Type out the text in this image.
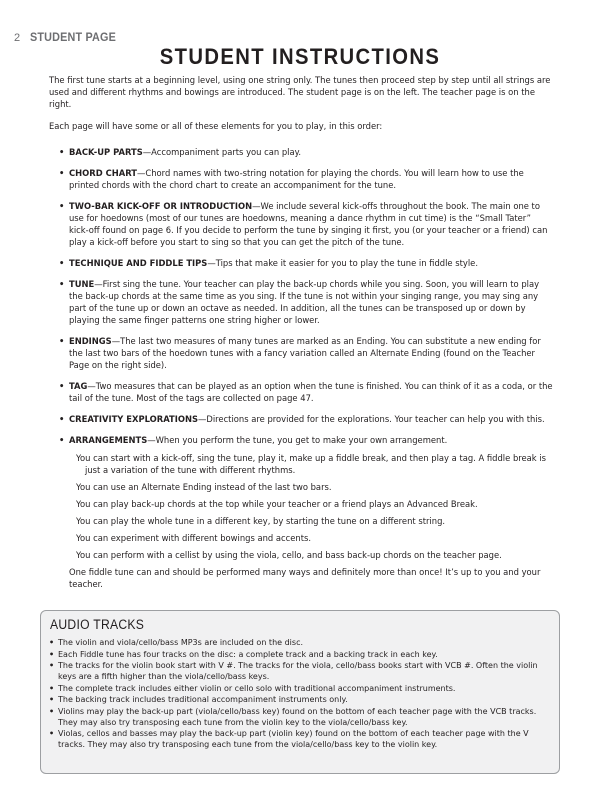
2 STUDENT PAGE
STUDENT INSTRUCTIONS

The first tune starts at a beginning level, using one string only. The tunes then proceed step by step until all strings are used and different rhythms and bowings are introduced. The student page is on the left. The teacher page is on the right.

Each page will have some or all of these elements for you to play, in this order:

• BACK-UP PARTS—Accompaniment parts you can play.
• CHORD CHART—Chord names with two-string notation for playing the chords. You will learn how to use the printed chords with the chord chart to create an accompaniment for the tune.
• TWO-BAR KICK-OFF OR INTRODUCTION—We include several kick-offs throughout the book. The main one to use for hoedowns (most of our tunes are hoedowns, meaning a dance rhythm in cut time) is the “Small Tater” kick-off found on page 6. If you decide to perform the tune by singing it first, you (or your teacher or a friend) can play a kick-off before you start to sing so that you can get the pitch of the tune.
• TECHNIQUE AND FIDDLE TIPS—Tips that make it easier for you to play the tune in fiddle style.
• TUNE—First sing the tune. Your teacher can play the back-up chords while you sing. Soon, you will learn to play the back-up chords at the same time as you sing. If the tune is not within your singing range, you may sing any part of the tune up or down an octave as needed. In addition, all the tunes can be transposed up or down by playing the same finger patterns one string higher or lower.
• ENDINGS—The last two measures of many tunes are marked as an Ending. You can substitute a new ending for the last two bars of the hoedown tunes with a fancy variation called an Alternate Ending (found on the Teacher Page on the right side).
• TAG—Two measures that can be played as an option when the tune is finished. You can think of it as a coda, or the tail of the tune. Most of the tags are collected on page 47.
• CREATIVITY EXPLORATIONS—Directions are provided for the explorations. Your teacher can help you with this.
• ARRANGEMENTS—When you perform the tune, you get to make your own arrangement.
You can start with a kick-off, sing the tune, play it, make up a fiddle break, and then play a tag. A fiddle break is just a variation of the tune with different rhythms.
You can use an Alternate Ending instead of the last two bars.
You can play back-up chords at the top while your teacher or a friend plays an Advanced Break.
You can play the whole tune in a different key, by starting the tune on a different string.
You can experiment with different bowings and accents.
You can perform with a cellist by using the viola, cello, and bass back-up chords on the teacher page.

One fiddle tune can and should be performed many ways and definitely more than once! It’s up to you and your teacher.

AUDIO TRACKS
• The violin and viola/cello/bass MP3s are included on the disc.
• Each Fiddle tune has four tracks on the disc: a complete track and a backing track in each key.
• The tracks for the violin book start with V #. The tracks for the viola, cello/bass books start with VCB #. Often the violin keys are a fifth higher than the viola/cello/bass keys.
• The complete track includes either violin or cello solo with traditional accompaniment instruments.
• The backing track includes traditional accompaniment instruments only.
• Violins may play the back-up part (viola/cello/bass key) found on the bottom of each teacher page with the VCB tracks. They may also try transposing each tune from the violin key to the viola/cello/bass key.
• Violas, cellos and basses may play the back-up part (violin key) found on the bottom of each teacher page with the V tracks. They may also try transposing each tune from the viola/cello/bass key to the violin key.
